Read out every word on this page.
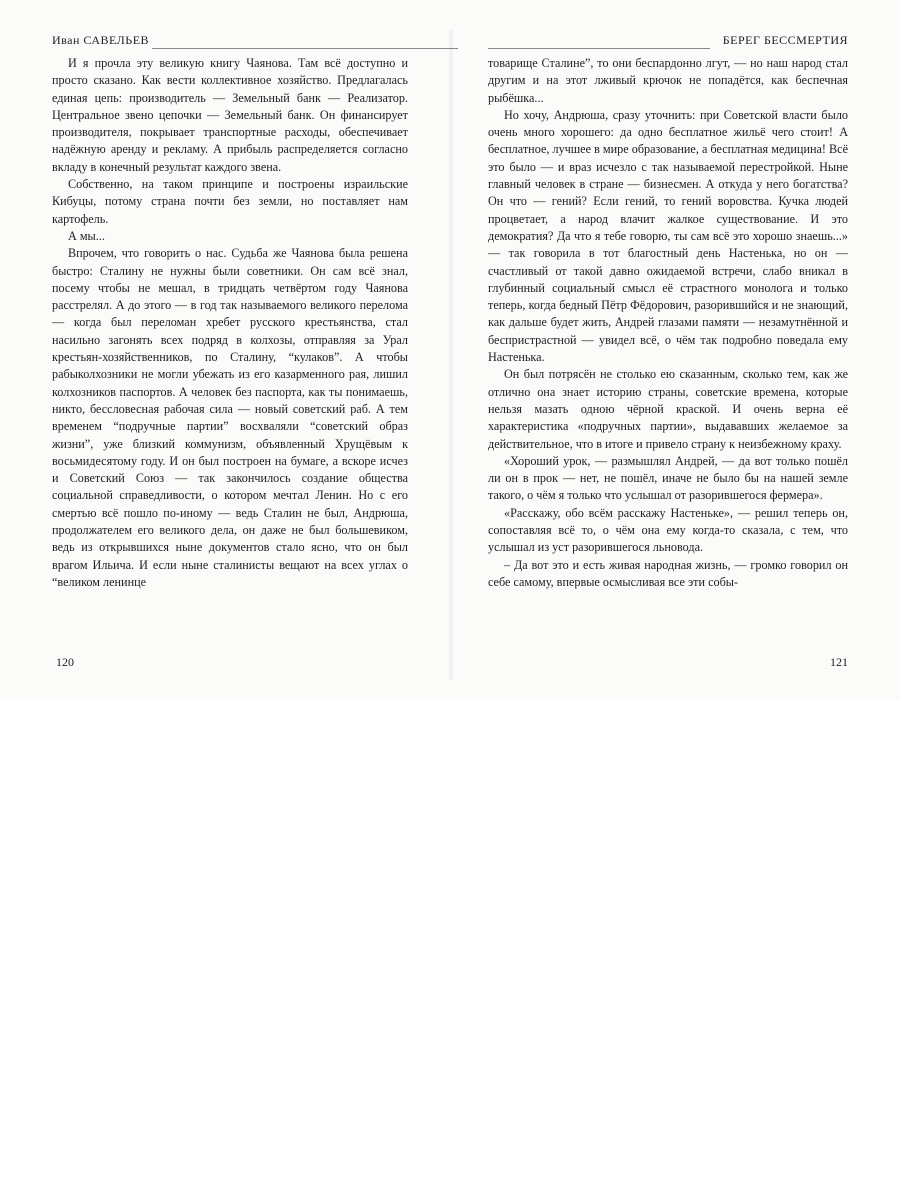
Иван САВЕЛЬЕВ

И я прочла эту великую книгу Чаянова. Там всё доступно и просто сказано. Как вести коллективное хозяйство. Предлагалась единая цепь: производитель — Земельный банк — Реализатор. Центральное звено цепочки — Земельный банк. Он финансирует производителя, покрывает транспортные расходы, обеспечивает надёжную аренду и рекламу. А прибыль распределяется согласно вкладу в конечный результат каждого звена.

Собственно, на таком принципе и построены израильские Кибуцы, потому страна почти без земли, но поставляет нам картофель.

А мы...

Впрочем, что говорить о нас. Судьба же Чаянова была решена быстро: Сталину не нужны были советники. Он сам всё знал, посему чтобы не мешал, в тридцать четвёртом году Чаянова расстрелял. А до этого — в год так называемого великого перелома — когда был переломан хребет русского крестьянства, стал насильно загонять всех подряд в колхозы, отправляя за Урал крестьян-хозяйственников, по Сталину, “кулаков”. А чтобы рабыколхозники не могли убежать из его казарменного рая, лишил колхозников паспортов. А человек без паспорта, как ты понимаешь, никто, бесcловесная рабочая сила — новый советский раб. А тем временем “подручные партии” восхваляли “советский образ жизни”, уже близкий коммунизм, объявленный Хрущёвым к восьмидесятому году. И он был построен на бумаге, а вскоре исчез и Советский Союз — так закончилось создание общества социальной справедливости, о котором мечтал Ленин. Но с его смертью всё пошло по-иному — ведь Сталин не был, Андрюша, продолжателем его великого дела, он даже не был большевиком, ведь из открывшихся ныне документов стало ясно, что он был врагом Ильича. И если ныне сталинисты вещают на всех углах о “великом ленинце

120
БЕРЕГ БЕССМЕРТИЯ

товарище Сталине”, то они беспардонно лгут, — но наш народ стал другим и на этот лживый крючок не попадётся, как беспечная рыбёшка...

Но хочу, Андрюша, сразу уточнить: при Советской власти было очень много хорошего: да одно бесплатное жильё чего стоит! А бесплатное, лучшее в мире образование, а бесплатная медицина! Всё это было — и враз исчезло с так называемой перестройкой. Ныне главный человек в стране — бизнесмен. А откуда у него богатства? Он что — гений? Если гений, то гений воровства. Кучка людей процветает, а народ влачит жалкое существование. И это демократия? Да что я тебе говорю, ты сам всё это хорошо знаешь...» — так говорила в тот благостный день Настенька, но он — счастливый от такой давно ожидаемой встречи, слабо вникал в глубинный социальный смысл её страстного монолога и только теперь, когда бедный Пётр Фёдорович, разорившийся и не знающий, как дальше будет жить, Андрей глазами памяти — незамутнённой и беспристрастной — увидел всё, о чём так подробно поведала ему Настенька.

Он был потрясён не столько ею сказанным, сколько тем, как же отлично она знает историю страны, советские времена, которые нельзя мазать одною чёрной краской. И очень верна её характеристика «подручных партии», выдававших желаемое за действительное, что в итоге и привело страну к неизбежному краху.

«Хороший урок, — размышлял Андрей, — да вот только пошёл ли он в прок — нет, не пошёл, иначе не было бы на нашей земле такого, о чём я только что услышал от разорившегося фермера».

«Расскажу, обо всём расскажу Настеньке», — решил теперь он, сопоставляя всё то, о чём она ему когда-то сказала, с тем, что услышал из уст разорившегося льновода.

– Да вот это и есть живая народная жизнь, — громко говорил он себе самому, впервые осмысливая все эти собы-

121
